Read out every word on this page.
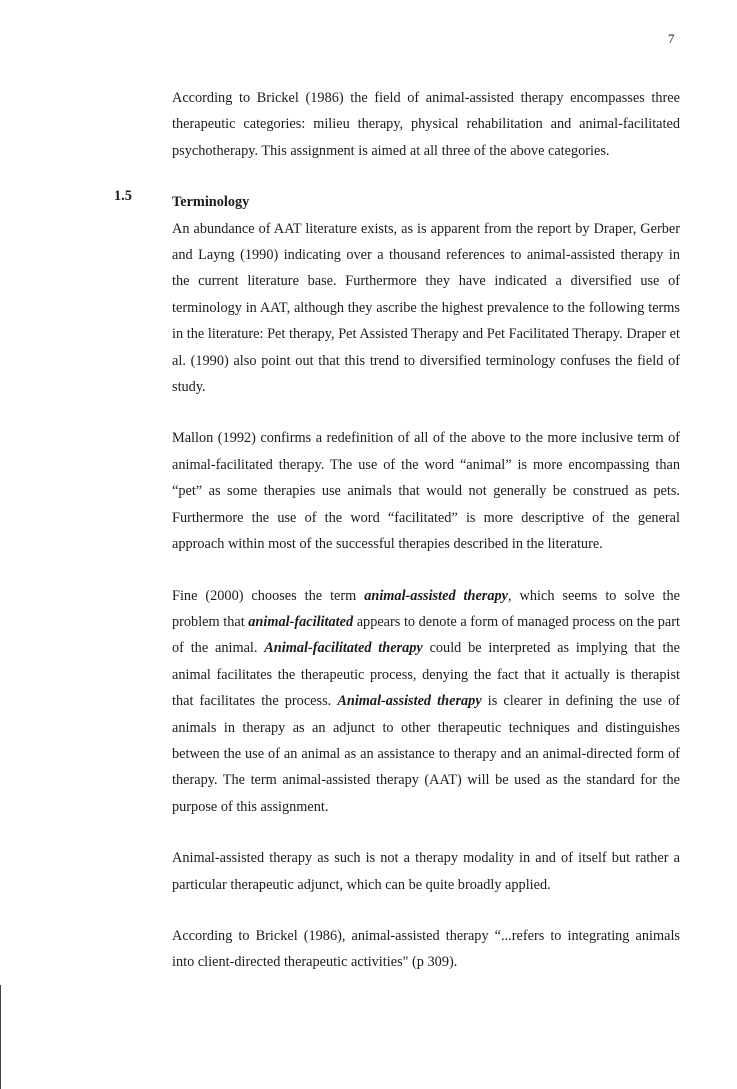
7
1.5

According to Brickel (1986) the field of animal-assisted therapy encompasses three therapeutic categories: milieu therapy, physical rehabilitation and animal-facilitated psychotherapy. This assignment is aimed at all three of the above categories.

Terminology

An abundance of AAT literature exists, as is apparent from the report by Draper, Gerber and Layng (1990) indicating over a thousand references to animal-assisted therapy in the current literature base. Furthermore they have indicated a diversified use of terminology in AAT, although they ascribe the highest prevalence to the following terms in the literature: Pet therapy, Pet Assisted Therapy and Pet Facilitated Therapy. Draper et al. (1990) also point out that this trend to diversified terminology confuses the field of study.

Mallon (1992) confirms a redefinition of all of the above to the more inclusive term of animal-facilitated therapy. The use of the word “animal” is more encompassing than “pet” as some therapies use animals that would not generally be construed as pets. Furthermore the use of the word “facilitated” is more descriptive of the general approach within most of the successful therapies described in the literature.

Fine (2000) chooses the term animal-assisted therapy, which seems to solve the problem that animal-facilitated appears to denote a form of managed process on the part of the animal. Animal-facilitated therapy could be interpreted as implying that the animal facilitates the therapeutic process, denying the fact that it actually is therapist that facilitates the process. Animal-assisted therapy is clearer in defining the use of animals in therapy as an adjunct to other therapeutic techniques and distinguishes between the use of an animal as an assistance to therapy and an animal-directed form of therapy. The term animal-assisted therapy (AAT) will be used as the standard for the purpose of this assignment.

Animal-assisted therapy as such is not a therapy modality in and of itself but rather a particular therapeutic adjunct, which can be quite broadly applied.

According to Brickel (1986), animal-assisted therapy “...refers to integrating animals into client-directed therapeutic activities" (p 309).
